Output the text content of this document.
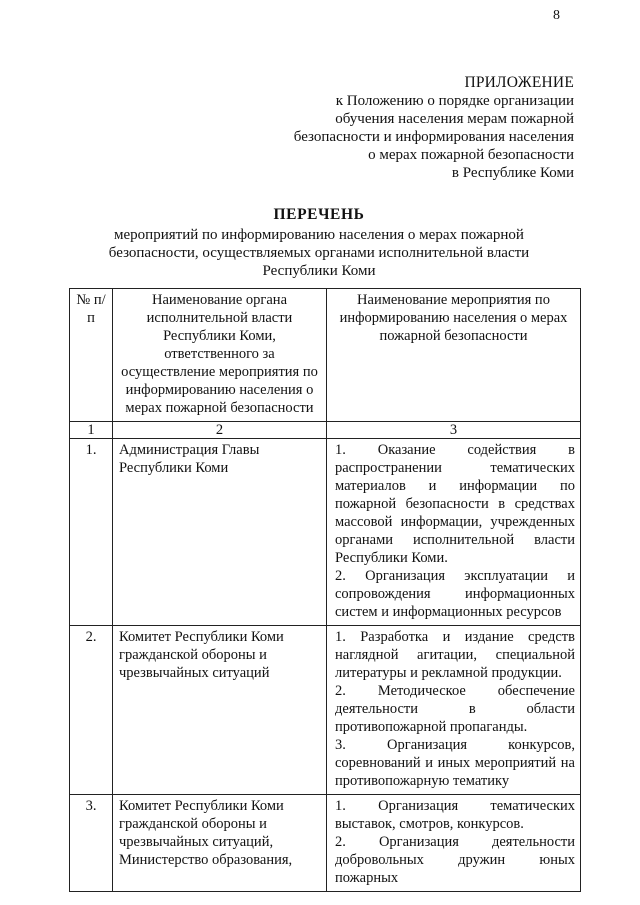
8
ПРИЛОЖЕНИЕ
к Положению о порядке организации
обучения населения мерам пожарной
безопасности и информирования населения
о мерах пожарной безопасности
в Республике Коми
ПЕРЕЧЕНЬ
мероприятий по информированию населения о мерах пожарной
безопасности, осуществляемых органами исполнительной власти
Республики Коми
№ п/п	Наименование органа исполнительной власти Республики Коми, ответственного за осуществление мероприятия по информированию населения о мерах пожарной безопасности	Наименование мероприятия по информированию населения о мерах пожарной безопасности
1	2	3
1.	Администрация Главы Республики Коми	1. Оказание содействия в распространении тематических материалов и информации по пожарной безопасности в средствах массовой информации, учрежденных органами исполнительной власти Республики Коми.
2. Организация эксплуатации и сопровождения информационных систем и информационных ресурсов

2.	Комитет Республики Коми гражданской обороны и чрезвычайных ситуаций	1. Разработка и издание средств наглядной агитации, специальной литературы и рекламной продукции.
2. Методическое обеспечение деятельности в области противопожарной пропаганды.
3. Организация конкурсов, соревнований и иных мероприятий на противопожарную тематику

3.	Комитет Республики Коми гражданской обороны и чрезвычайных ситуаций, Министерство образования,	1. Организация тематических выставок, смотров, конкурсов.
2. Организация деятельности добровольных дружин юных пожарных
